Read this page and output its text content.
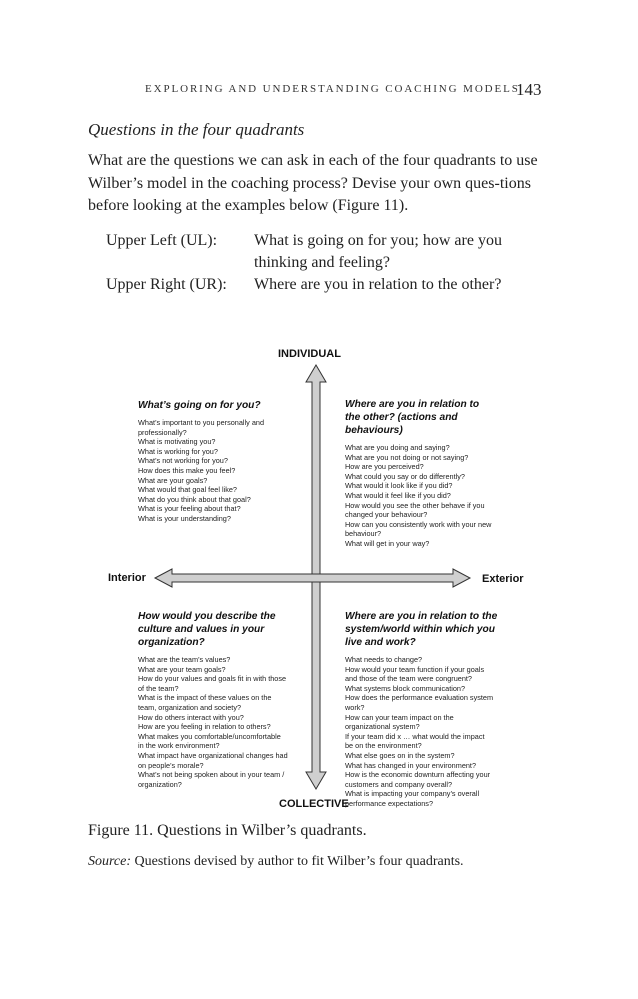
EXPLORING AND UNDERSTANDING COACHING MODELS
143
Questions in the four quadrants
What are the questions we can ask in each of the four quadrants to use Wilber’s model in the coaching process? Devise your own ques-tions before looking at the examples below (Figure 11).
Upper Left (UL): What is going on for you; how are you thinking and feeling?
Upper Right (UR): Where are you in relation to the other?
INDIVIDUAL
COLLECTIVE
Interior	Exterior
What’s going on for you?
What’s important to you personally and
professionally?
What is motivating you?
What is working for you?
What’s not working for you?
How does this make you feel?
What are your goals?
What would that goal feel like?
What do you think about that goal?
What is your feeling about that?
What is your understanding?
Where are you in relation to the other? (actions and behaviours)
What are you doing and saying?
What are you not doing or not saying?
How are you perceived?
What could you say or do differently?
What would it look like if you did?
What would it feel like if you did?
How would you see the other behave if you
changed your behaviour?
How can you consistently work with your new
behaviour?
What will get in your way?
How would you describe the culture and values in your organization?
What are the team’s values?
What are your team goals?
How do your values and goals fit in with those
of the team?
What is the impact of these values on the
team, organization and society?
How do others interact with you?
How are you feeling in relation to others?
What makes you comfortable/uncomfortable
in the work environment?
What impact have organizational changes had
on people’s morale?
What’s not being spoken about in your team /
organization?
Where are you in relation to the system/world within which you live and work?
What needs to change?
How would your team function if your goals
and those of the team were congruent?
What systems block communication?
How does the performance evaluation system
work?
How can your team impact on the
organizational system?
If your team did x … what would the impact
be on the environment?
What else goes on in the system?
What has changed in your environment?
How is the economic downturn affecting your
customers and company overall?
What is impacting your company’s overall
performance expectations?
Figure 11. Questions in Wilber’s quadrants.
Source: Questions devised by author to fit Wilber’s four quadrants.
